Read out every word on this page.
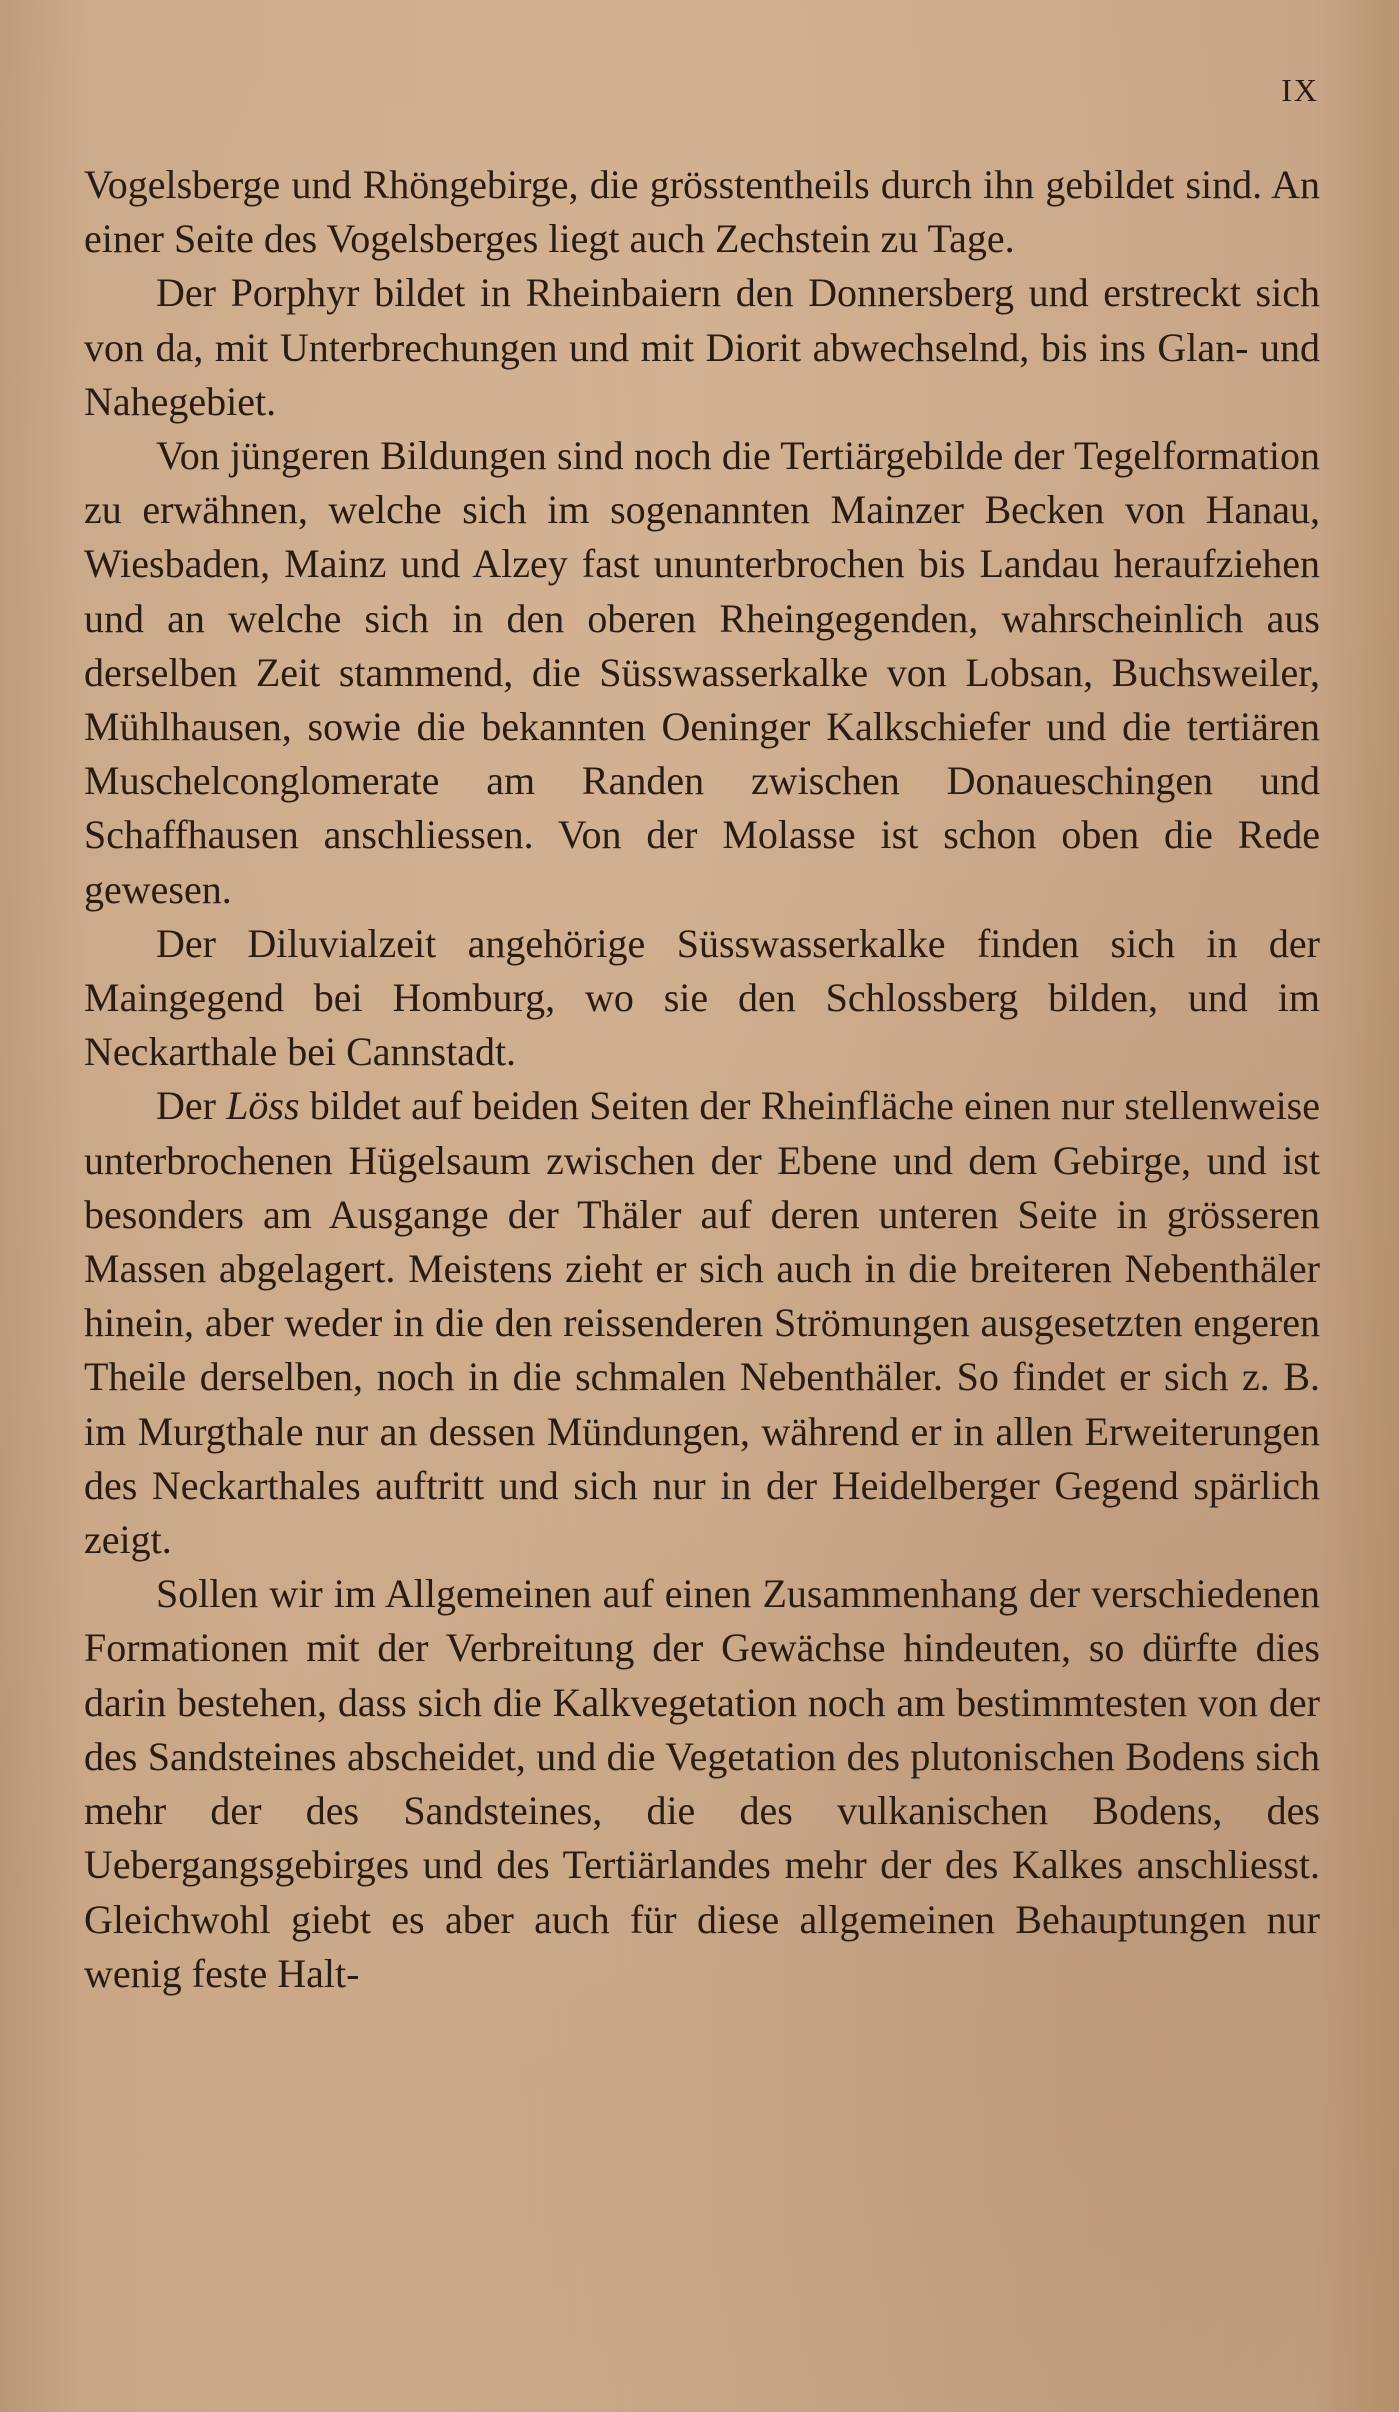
IX

Vogelsberge und Rhöngebirge, die grösstentheils durch ihn gebildet sind. An einer Seite des Vogelsberges liegt auch Zechstein zu Tage.

Der Porphyr bildet in Rheinbaiern den Donnersberg und erstreckt sich von da, mit Unterbrechungen und mit Diorit abwechselnd, bis ins Glan- und Nahegebiet.

Von jüngeren Bildungen sind noch die Tertiärgebilde der Tegelformation zu erwähnen, welche sich im sogenannten Mainzer Becken von Hanau, Wiesbaden, Mainz und Alzey fast ununterbrochen bis Landau heraufziehen und an welche sich in den oberen Rheingegenden, wahrscheinlich aus derselben Zeit stammend, die Süsswasserkalke von Lobsan, Buchsweiler, Mühlhausen, sowie die bekannten Oeninger Kalkschiefer und die tertiären Muschelconglomerate am Randen zwischen Donaueschingen und Schaffhausen anschliessen. Von der Molasse ist schon oben die Rede gewesen.

Der Diluvialzeit angehörige Süsswasserkalke finden sich in der Maingegend bei Homburg, wo sie den Schlossberg bilden, und im Neckarthale bei Cannstadt.

Der Löss bildet auf beiden Seiten der Rheinfläche einen nur stellenweise unterbrochenen Hügelsaum zwischen der Ebene und dem Gebirge, und ist besonders am Ausgange der Thäler auf deren unteren Seite in grösseren Massen abgelagert. Meistens zieht er sich auch in die breiteren Nebenthäler hinein, aber weder in die den reissenderen Strömungen ausgesetzten engeren Theile derselben, noch in die schmalen Nebenthäler. So findet er sich z. B. im Murgthale nur an dessen Mündungen, während er in allen Erweiterungen des Neckarthales auftritt und sich nur in der Heidelberger Gegend spärlich zeigt.

Sollen wir im Allgemeinen auf einen Zusammenhang der verschiedenen Formationen mit der Verbreitung der Gewächse hindeuten, so dürfte dies darin bestehen, dass sich die Kalkvegetation noch am bestimmtesten von der des Sandsteines abscheidet, und die Vegetation des plutonischen Bodens sich mehr der des Sandsteines, die des vulkanischen Bodens, des Uebergangsgebirges und des Tertiärlandes mehr der des Kalkes anschliesst. Gleichwohl giebt es aber auch für diese allgemeinen Behauptungen nur wenig feste Halt-
